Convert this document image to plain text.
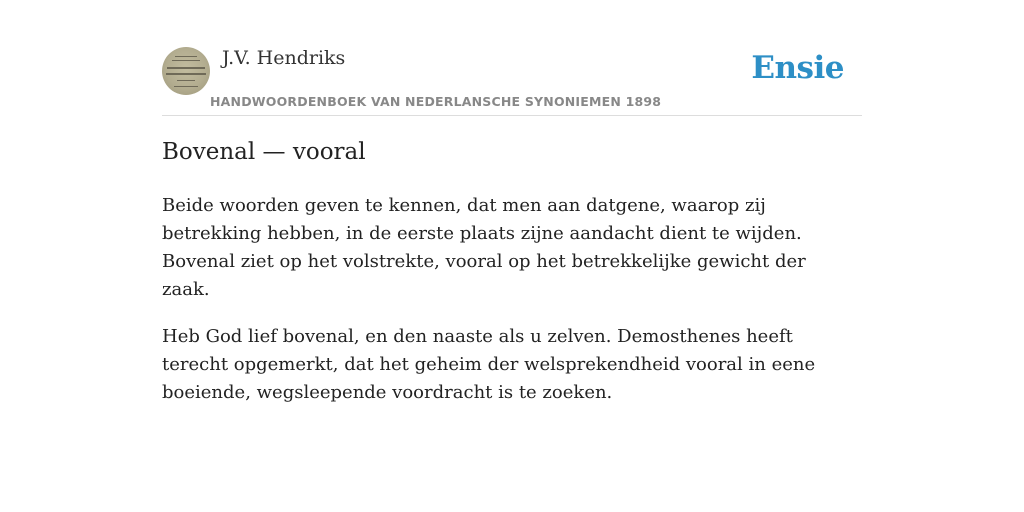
J.V. Hendriks
HANDWOORDENBOEK VAN NEDERLANSCHE SYNONIEMEN 1898
Ensie
Bovenal — vooral

Beide woorden geven te kennen, dat men aan datgene, waarop zij betrekking hebben, in de eerste plaats zijne aandacht dient te wijden. Bovenal ziet op het volstrekte, vooral op het betrekkelijke gewicht der zaak.

Heb God lief bovenal, en den naaste als u zelven. Demosthenes heeft terecht opgemerkt, dat het geheim der welsprekendheid vooral in eene boeiende, wegsleepende voordracht is te zoeken.
